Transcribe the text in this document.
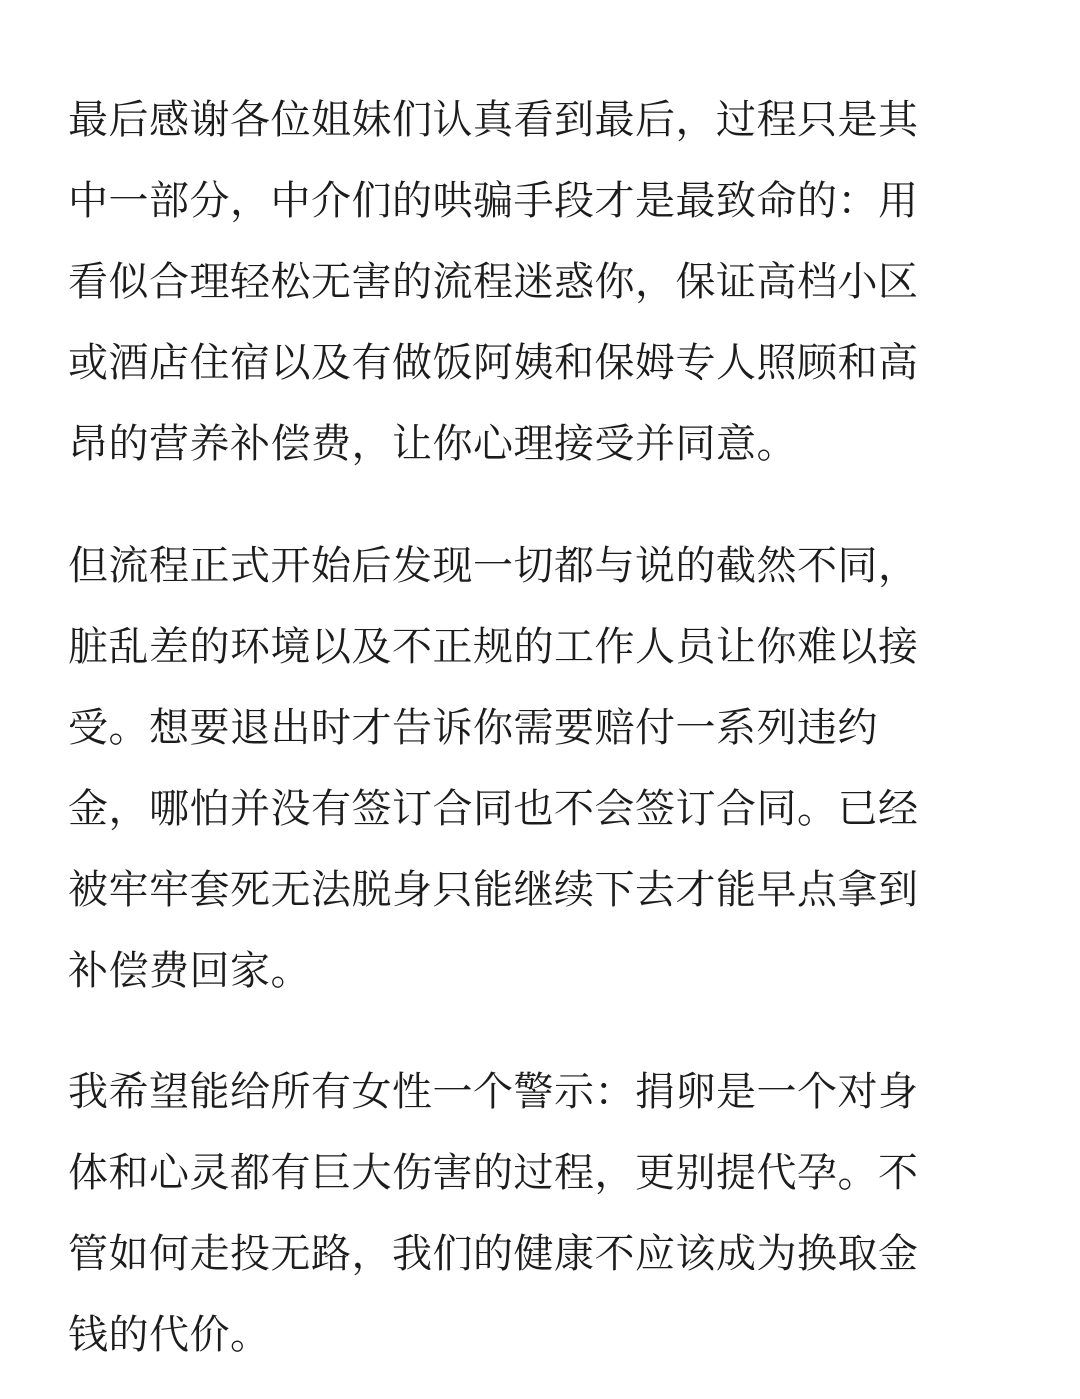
最后感谢各位姐妹们认真看到最后，过程只是其
中一部分，中介们的哄骗手段才是最致命的：用
看似合理轻松无害的流程迷惑你，保证高档小区
或酒店住宿以及有做饭阿姨和保姆专人照顾和高
昂的营养补偿费，让你心理接受并同意。

但流程正式开始后发现一切都与说的截然不同，
脏乱差的环境以及不正规的工作人员让你难以接
受。想要退出时才告诉你需要赔付一系列违约
金，哪怕并没有签订合同也不会签订合同。已经
被牢牢套死无法脱身只能继续下去才能早点拿到
补偿费回家。

我希望能给所有女性一个警示：捐卵是一个对身
体和心灵都有巨大伤害的过程，更别提代孕。不
管如何走投无路，我们的健康不应该成为换取金
钱的代价。
